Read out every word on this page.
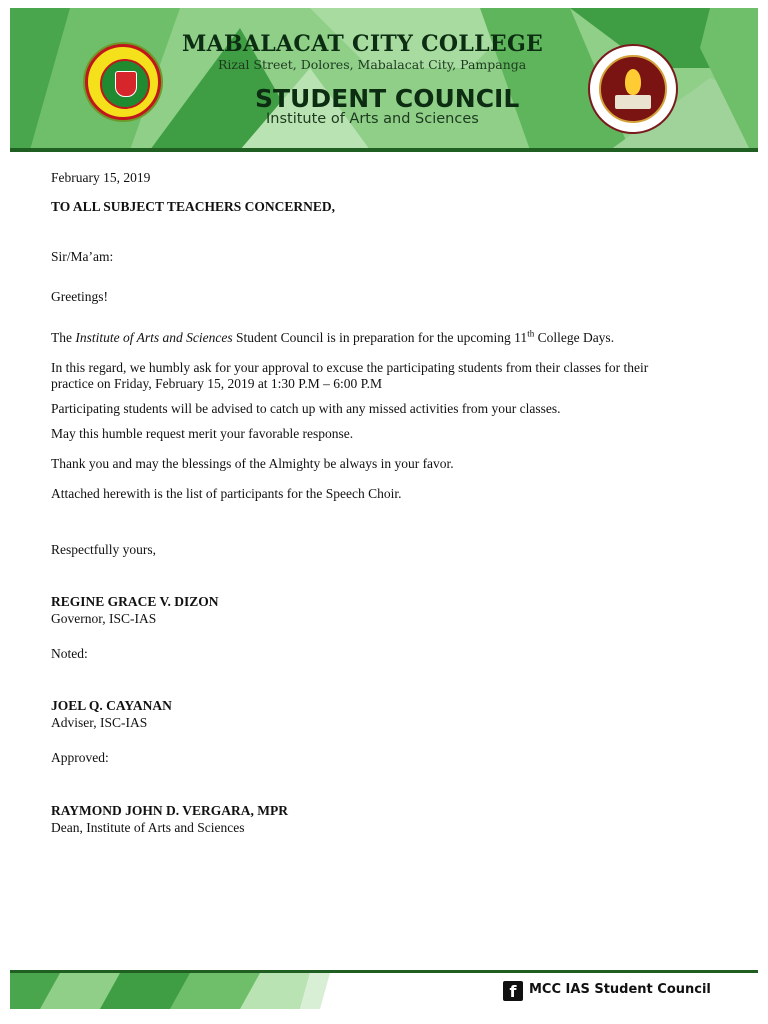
MABALACAT CITY COLLEGE

Rizal Street, Dolores, Mabalacat City, Pampanga

STUDENT COUNCIL

Institute of Arts and Sciences

February 15, 2019

TO ALL SUBJECT TEACHERS CONCERNED,

Sir/Ma’am:

Greetings!

The Institute of Arts and Sciences Student Council is in preparation for the upcoming 11th College Days.

In this regard, we humbly ask for your approval to excuse the participating students from their classes for their

practice on Friday, February 15, 2019 at 1:30 P.M – 6:00 P.M

Participating students will be advised to catch up with any missed activities from your classes.

May this humble request merit your favorable response.

Thank you and may the blessings of the Almighty be always in your favor.

Attached herewith is the list of participants for the Speech Choir.

Respectfully yours,

REGINE GRACE V. DIZON

Governor, ISC-IAS

Noted:

JOEL Q. CAYANAN

Adviser, ISC-IAS

Approved:

RAYMOND JOHN D. VERGARA, MPR

Dean, Institute of Arts and Sciences

f MCC IAS Student Council
